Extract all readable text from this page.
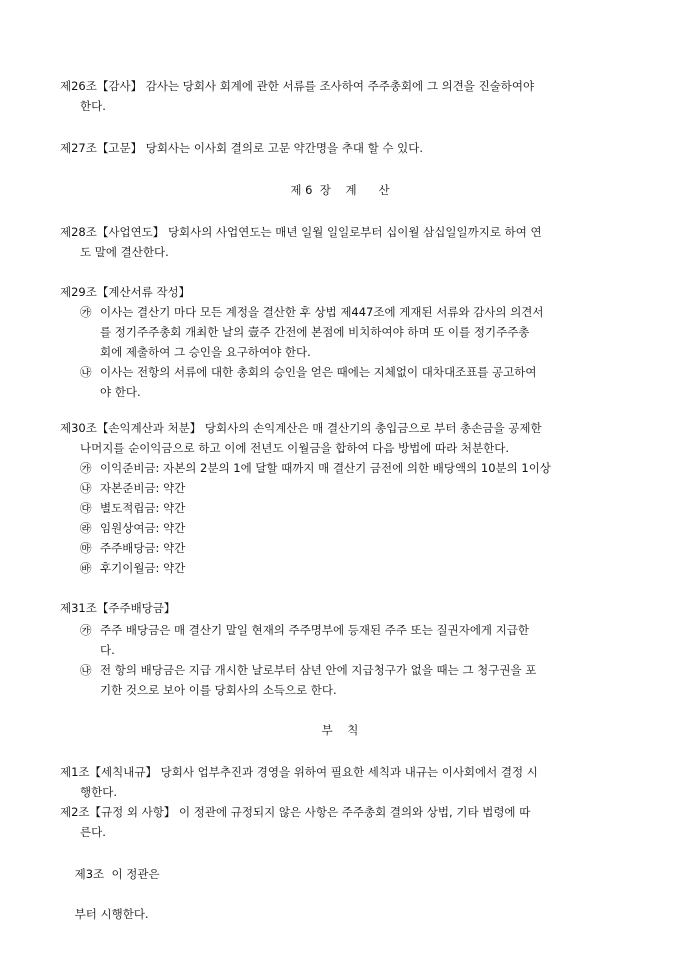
제26조【감사】 감사는 당회사 회계에 관한 서류를 조사하여 주주총회에 그 의견을 진술하여야
한다.
제27조【고문】 당회사는 이사회 결의로 고문 약간명을 추대 할 수 있다.
제 6  장    계      산
제28조【사업연도】 당회사의 사업연도는 매년 일월 일일로부터 십이월 삼십일일까지로 하여 연
도 말에 결산한다.
제29조【계산서류 작성】
㉮ 이사는 결산기 마다 모든 계정을 결산한 후 상법 제447조에 게재된 서류와 감사의 의견서
를 정기주주총회 개최한 날의 壹주 간전에 본점에 비치하여야 하며 또 이를 정기주주총
회에 제출하여 그 승인을 요구하여야 한다.
㉯ 이사는 전항의 서류에 대한 총회의 승인을 얻은 때에는 지체없이 대차대조표를 공고하여
야 한다.
제30조【손익계산과 처분】 당회사의 손익계산은 매 결산기의 총입금으로 부터 총손금을 공제한
나머지를 순이익금으로 하고 이에 전년도 이월금을 합하여 다음 방법에 따라 처분한다.
㉮ 이익준비금: 자본의 2분의 1에 달할 때까지 매 결산기 금전에 의한 배당액의 10분의 1이상
㉯ 자본준비금: 약간
㉰ 별도적립금: 약간
㉱ 임원상여금: 약간
㉲ 주주배당금: 약간
㉳ 후기이월금: 약간
제31조【주주배당금】
㉮ 주주 배당금은 매 결산기 말일 현재의 주주명부에 등재된 주주 또는 질권자에게 지급한
다.
㉯ 전 항의 배당금은 지급 개시한 날로부터 삼년 안에 지급청구가 없을 때는 그 청구권을 포
기한 것으로 보아 이를 당회사의 소득으로 한다.
부    칙
제1조【세칙내규】 당회사 업부추진과 경영을 위하여 필요한 세칙과 내규는 이사회에서 결정 시
행한다.
제2조【규정 외 사항】 이 정관에 규정되지 않은 사항은 주주총회 결의와 상법, 기타 법령에 따
른다.

제3조  이 정관은

부터 시행한다.
